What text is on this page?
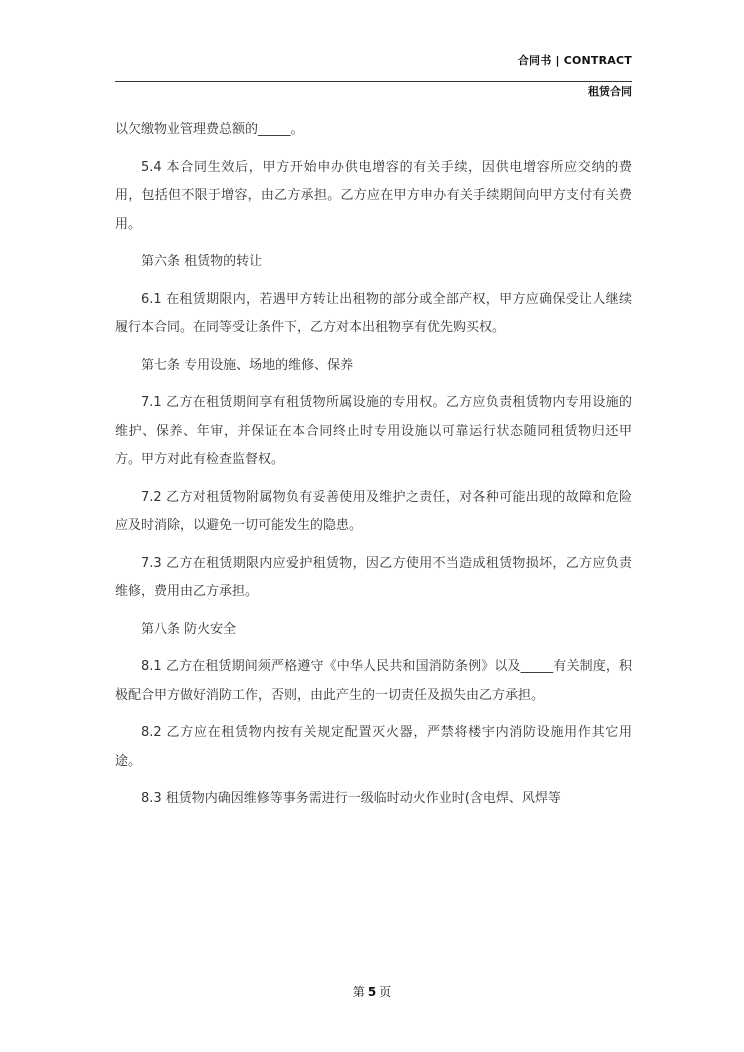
合同书 | CONTRACT
租赁合同

以欠缴物业管理费总额的_____。

5.4 本合同生效后，甲方开始申办供电增容的有关手续，因供电增容所应交纳的费用，包括但不限于增容，由乙方承担。乙方应在甲方申办有关手续期间向甲方支付有关费用。

第六条 租赁物的转让

6.1 在租赁期限内，若遇甲方转让出租物的部分或全部产权，甲方应确保受让人继续履行本合同。在同等受让条件下，乙方对本出租物享有优先购买权。

第七条 专用设施、场地的维修、保养

7.1 乙方在租赁期间享有租赁物所属设施的专用权。乙方应负责租赁物内专用设施的维护、保养、年审，并保证在本合同终止时专用设施以可靠运行状态随同租赁物归还甲方。甲方对此有检查监督权。

7.2 乙方对租赁物附属物负有妥善使用及维护之责任，对各种可能出现的故障和危险应及时消除，以避免一切可能发生的隐患。

7.3 乙方在租赁期限内应爱护租赁物，因乙方使用不当造成租赁物损坏，乙方应负责维修，费用由乙方承担。

第八条 防火安全

8.1 乙方在租赁期间须严格遵守《中华人民共和国消防条例》以及_____有关制度，积极配合甲方做好消防工作，否则，由此产生的一切责任及损失由乙方承担。

8.2 乙方应在租赁物内按有关规定配置灭火器，严禁将楼宇内消防设施用作其它用途。

8.3 租赁物内确因维修等事务需进行一级临时动火作业时(含电焊、风焊等

第 5 页
